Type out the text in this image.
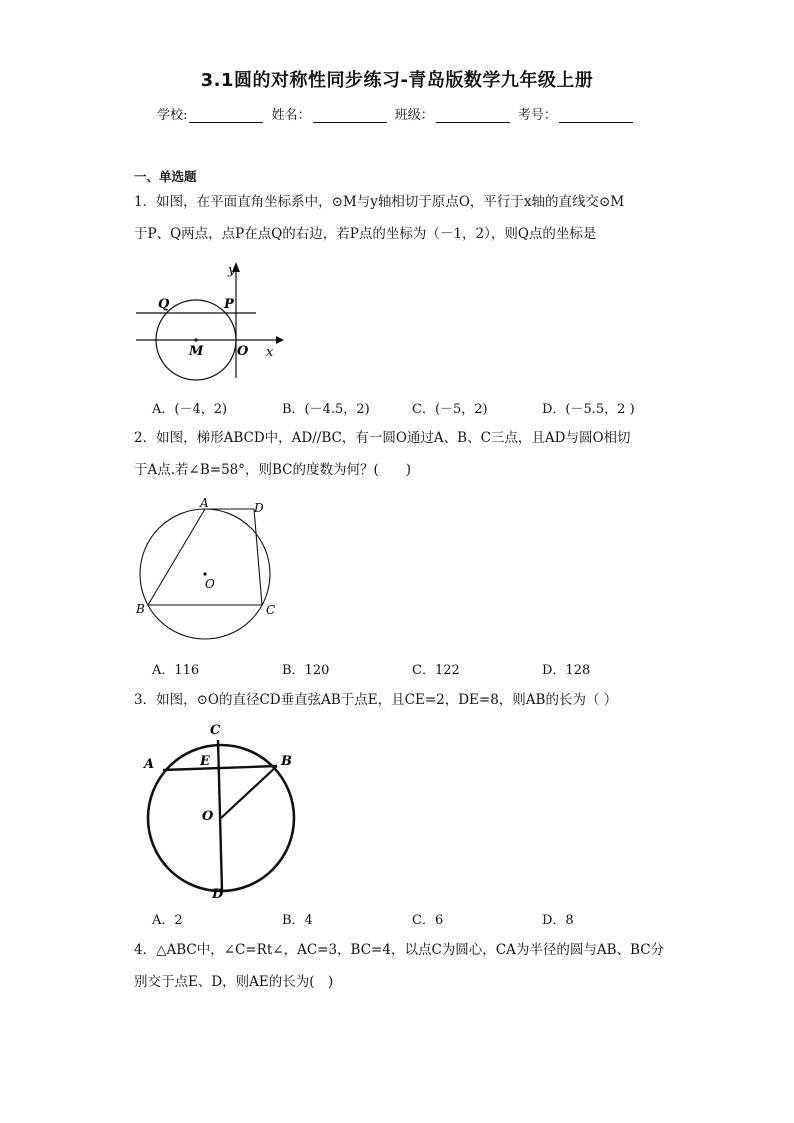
3.1圆的对称性同步练习-青岛版数学九年级上册
学校:	姓名：	班级：	考号：
一、单选题
1．如图，在平面直角坐标系中，⊙M与y轴相切于原点O，平行于x轴的直线交⊙M
于P、Q两点，点P在点Q的右边，若P点的坐标为（－1，2），则Q点的坐标是
y
x
Q	P
M	O
A．(－4，2)	B．(－4.5，2)	C．(－5，2)	D．(－5.5，2 )
2．如图，梯形ABCD中，AD//BC，有一圆O通过A、B、C三点，且AD与圆O相切
于A点.若∠B=58°，则BC的度数为何？(　　)
A	D
B	C
O
A．116	B．120	C．122	D．128
3．如图，⊙O的直径CD垂直弦AB于点E，且CE=2，DE=8，则AB的长为（ ）
C
A	E	B
O
D
A．2	B．4	C．6	D．8
4．△ABC中，∠C=Rt∠，AC=3，BC=4，以点C为圆心，CA为半径的圆与AB、BC分
别交于点E、D，则AE的长为(　)
